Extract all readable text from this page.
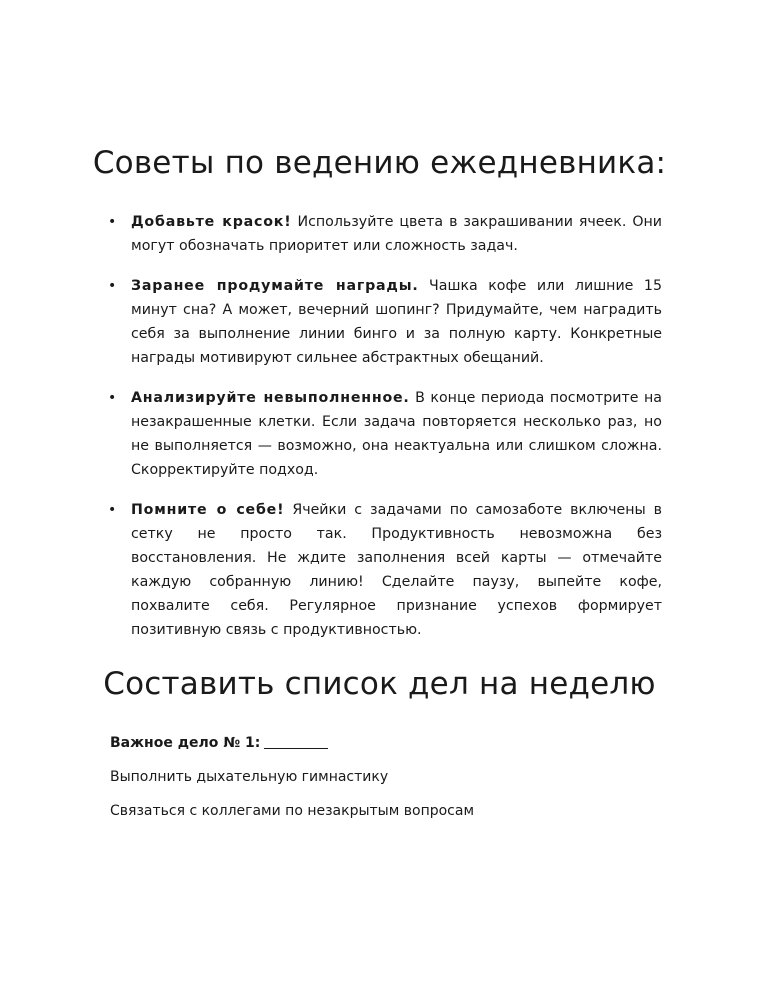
Советы по ведению ежедневника:
• Добавьте красок! Используйте цвета в закрашивании ячеек. Они могут обозначать приоритет или сложность задач.
• Заранее продумайте награды. Чашка кофе или лишние 15 минут сна? А может, вечерний шопинг? Придумайте, чем наградить себя за выполнение линии бинго и за полную карту. Конкретные награды мотивируют сильнее абстрактных обещаний.
• Анализируйте невыполненное. В конце периода посмотрите на незакрашенные клетки. Если задача повторяется несколько раз, но не выполняется — возможно, она неактуальна или слишком сложна. Скорректируйте подход.
• Помните о себе! Ячейки с задачами по самозаботе включены в сетку не просто так. Продуктивность невозможна без восстановления. Не ждите заполнения всей карты — отмечайте каждую собранную линию! Сделайте паузу, выпейте кофе, похвалите себя. Регулярное признание успехов формирует позитивную связь с продуктивностью.
Составить список дел на неделю

Важное дело № 1:

Выполнить дыхательную гимнастику

Связаться с коллегами по незакрытым вопросам
